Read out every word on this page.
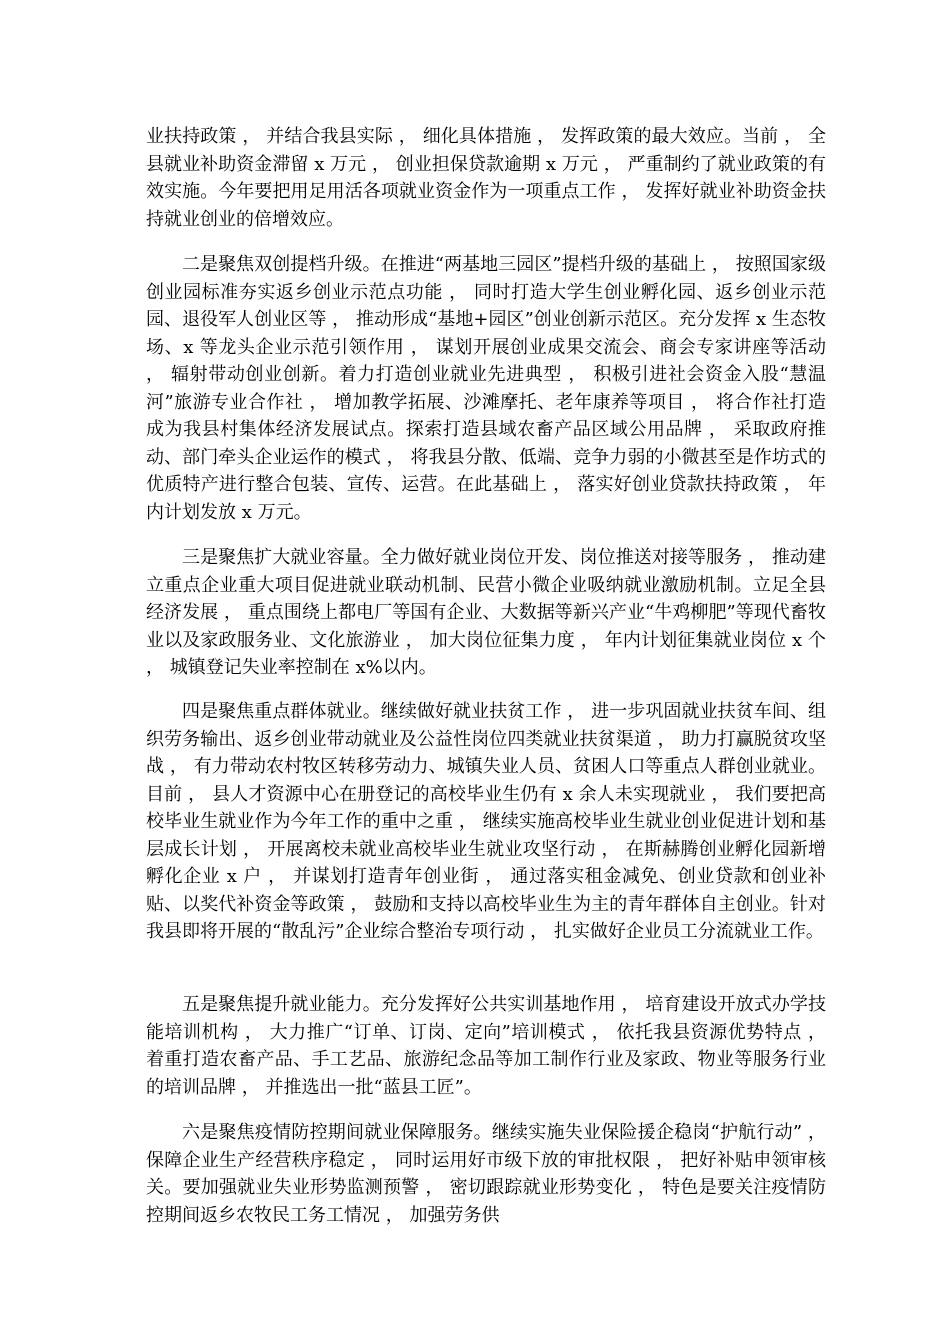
业扶持政策 ， 并结合我县实际 ， 细化具体措施 ， 发挥政策的最大效应。当前 ， 全县就业补助资金滞留 x 万元 ， 创业担保贷款逾期 x 万元 ， 严重制约了就业政策的有效实施。今年要把用足用活各项就业资金作为一项重点工作 ， 发挥好就业补助资金扶持就业创业的倍增效应。

二是聚焦双创提档升级。在推进“两基地三园区”提档升级的基础上 ， 按照国家级创业园标准夯实返乡创业示范点功能 ， 同时打造大学生创业孵化园、返乡创业示范园、退役军人创业区等 ， 推动形成“基地+园区”创业创新示范区。充分发挥 x 生态牧场、x 等龙头企业示范引领作用 ， 谋划开展创业成果交流会、商会专家讲座等活动 ， 辐射带动创业创新。着力打造创业就业先进典型 ， 积极引进社会资金入股“慧温河”旅游专业合作社 ， 增加教学拓展、沙滩摩托、老年康养等项目 ， 将合作社打造成为我县村集体经济发展试点。探索打造县域农畜产品区域公用品牌 ， 采取政府推动、部门牵头企业运作的模式 ， 将我县分散、低端、竞争力弱的小微甚至是作坊式的优质特产进行整合包装、宣传、运营。在此基础上 ， 落实好创业贷款扶持政策 ， 年内计划发放 x 万元。

三是聚焦扩大就业容量。全力做好就业岗位开发、岗位推送对接等服务 ， 推动建立重点企业重大项目促进就业联动机制、民营小微企业吸纳就业激励机制。立足全县经济发展 ， 重点围绕上都电厂等国有企业、大数据等新兴产业“牛鸡柳肥”等现代畜牧业以及家政服务业、文化旅游业 ， 加大岗位征集力度 ， 年内计划征集就业岗位 x 个 ， 城镇登记失业率控制在 x%以内。

四是聚焦重点群体就业。继续做好就业扶贫工作 ， 进一步巩固就业扶贫车间、组织劳务输出、返乡创业带动就业及公益性岗位四类就业扶贫渠道 ， 助力打赢脱贫攻坚战 ， 有力带动农村牧区转移劳动力、城镇失业人员、贫困人口等重点人群创业就业。目前 ， 县人才资源中心在册登记的高校毕业生仍有 x 余人未实现就业 ， 我们要把高校毕业生就业作为今年工作的重中之重 ， 继续实施高校毕业生就业创业促进计划和基层成长计划 ， 开展离校未就业高校毕业生就业攻坚行动 ， 在斯赫腾创业孵化园新增孵化企业 x 户 ， 并谋划打造青年创业街 ， 通过落实租金减免、创业贷款和创业补贴、以奖代补资金等政策 ， 鼓励和支持以高校毕业生为主的青年群体自主创业。针对我县即将开展的“散乱污”企业综合整治专项行动 ， 扎实做好企业员工分流就业工作。

五是聚焦提升就业能力。充分发挥好公共实训基地作用 ， 培育建设开放式办学技能培训机构 ， 大力推广“订单、订岗、定向”培训模式 ， 依托我县资源优势特点 ， 着重打造农畜产品、手工艺品、旅游纪念品等加工制作行业及家政、物业等服务行业的培训品牌 ， 并推选出一批“蓝县工匠”。

六是聚焦疫情防控期间就业保障服务。继续实施失业保险援企稳岗“护航行动” ， 保障企业生产经营秩序稳定 ， 同时运用好市级下放的审批权限 ， 把好补贴申领审核关。要加强就业失业形势监测预警 ， 密切跟踪就业形势变化 ， 特色是要关注疫情防控期间返乡农牧民工务工情况 ， 加强劳务供
